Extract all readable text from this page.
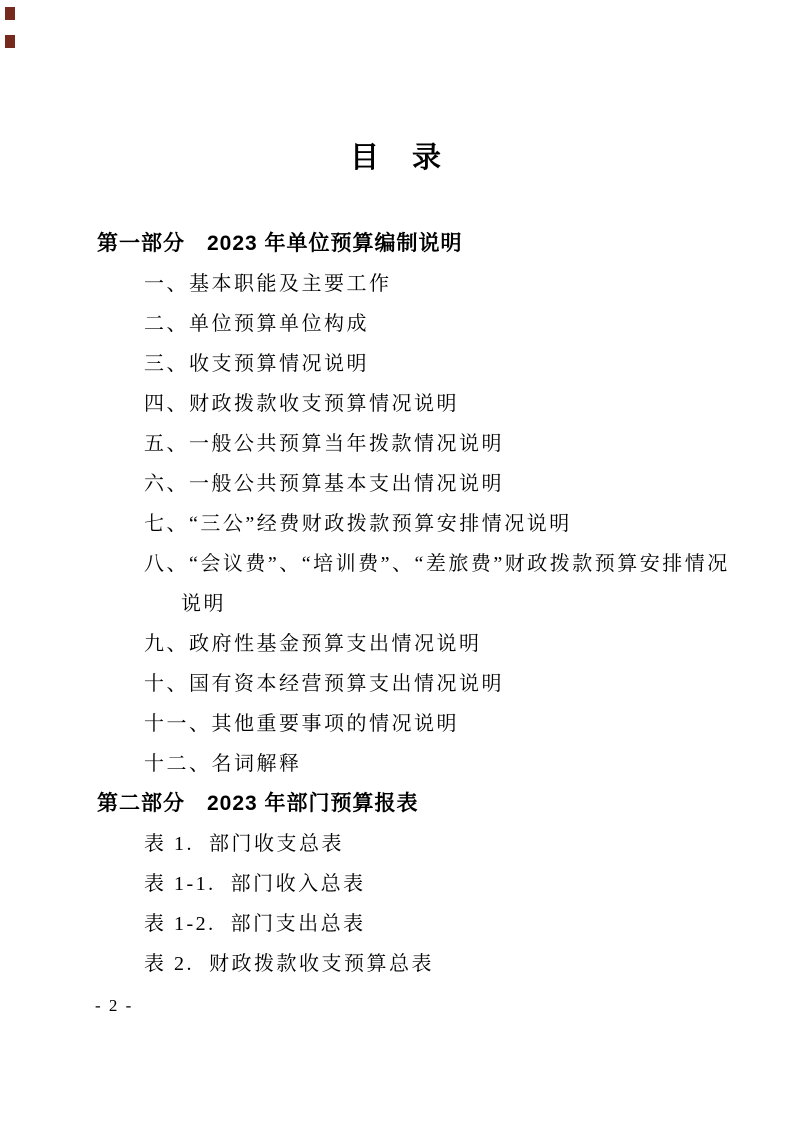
目　录
第一部分　2023 年单位预算编制说明
一、基本职能及主要工作
二、单位预算单位构成
三、收支预算情况说明
四、财政拨款收支预算情况说明
五、一般公共预算当年拨款情况说明
六、一般公共预算基本支出情况说明
七、“三公”经费财政拨款预算安排情况说明
八、“会议费”、“培训费”、“差旅费”财政拨款预算安排情况
说明
九、政府性基金预算支出情况说明
十、国有资本经营预算支出情况说明
十一、其他重要事项的情况说明
十二、名词解释
第二部分　2023 年部门预算报表
表 1.  部门收支总表
表 1-1.  部门收入总表
表 1-2.  部门支出总表
表 2.  财政拨款收支预算总表
- 2 -
